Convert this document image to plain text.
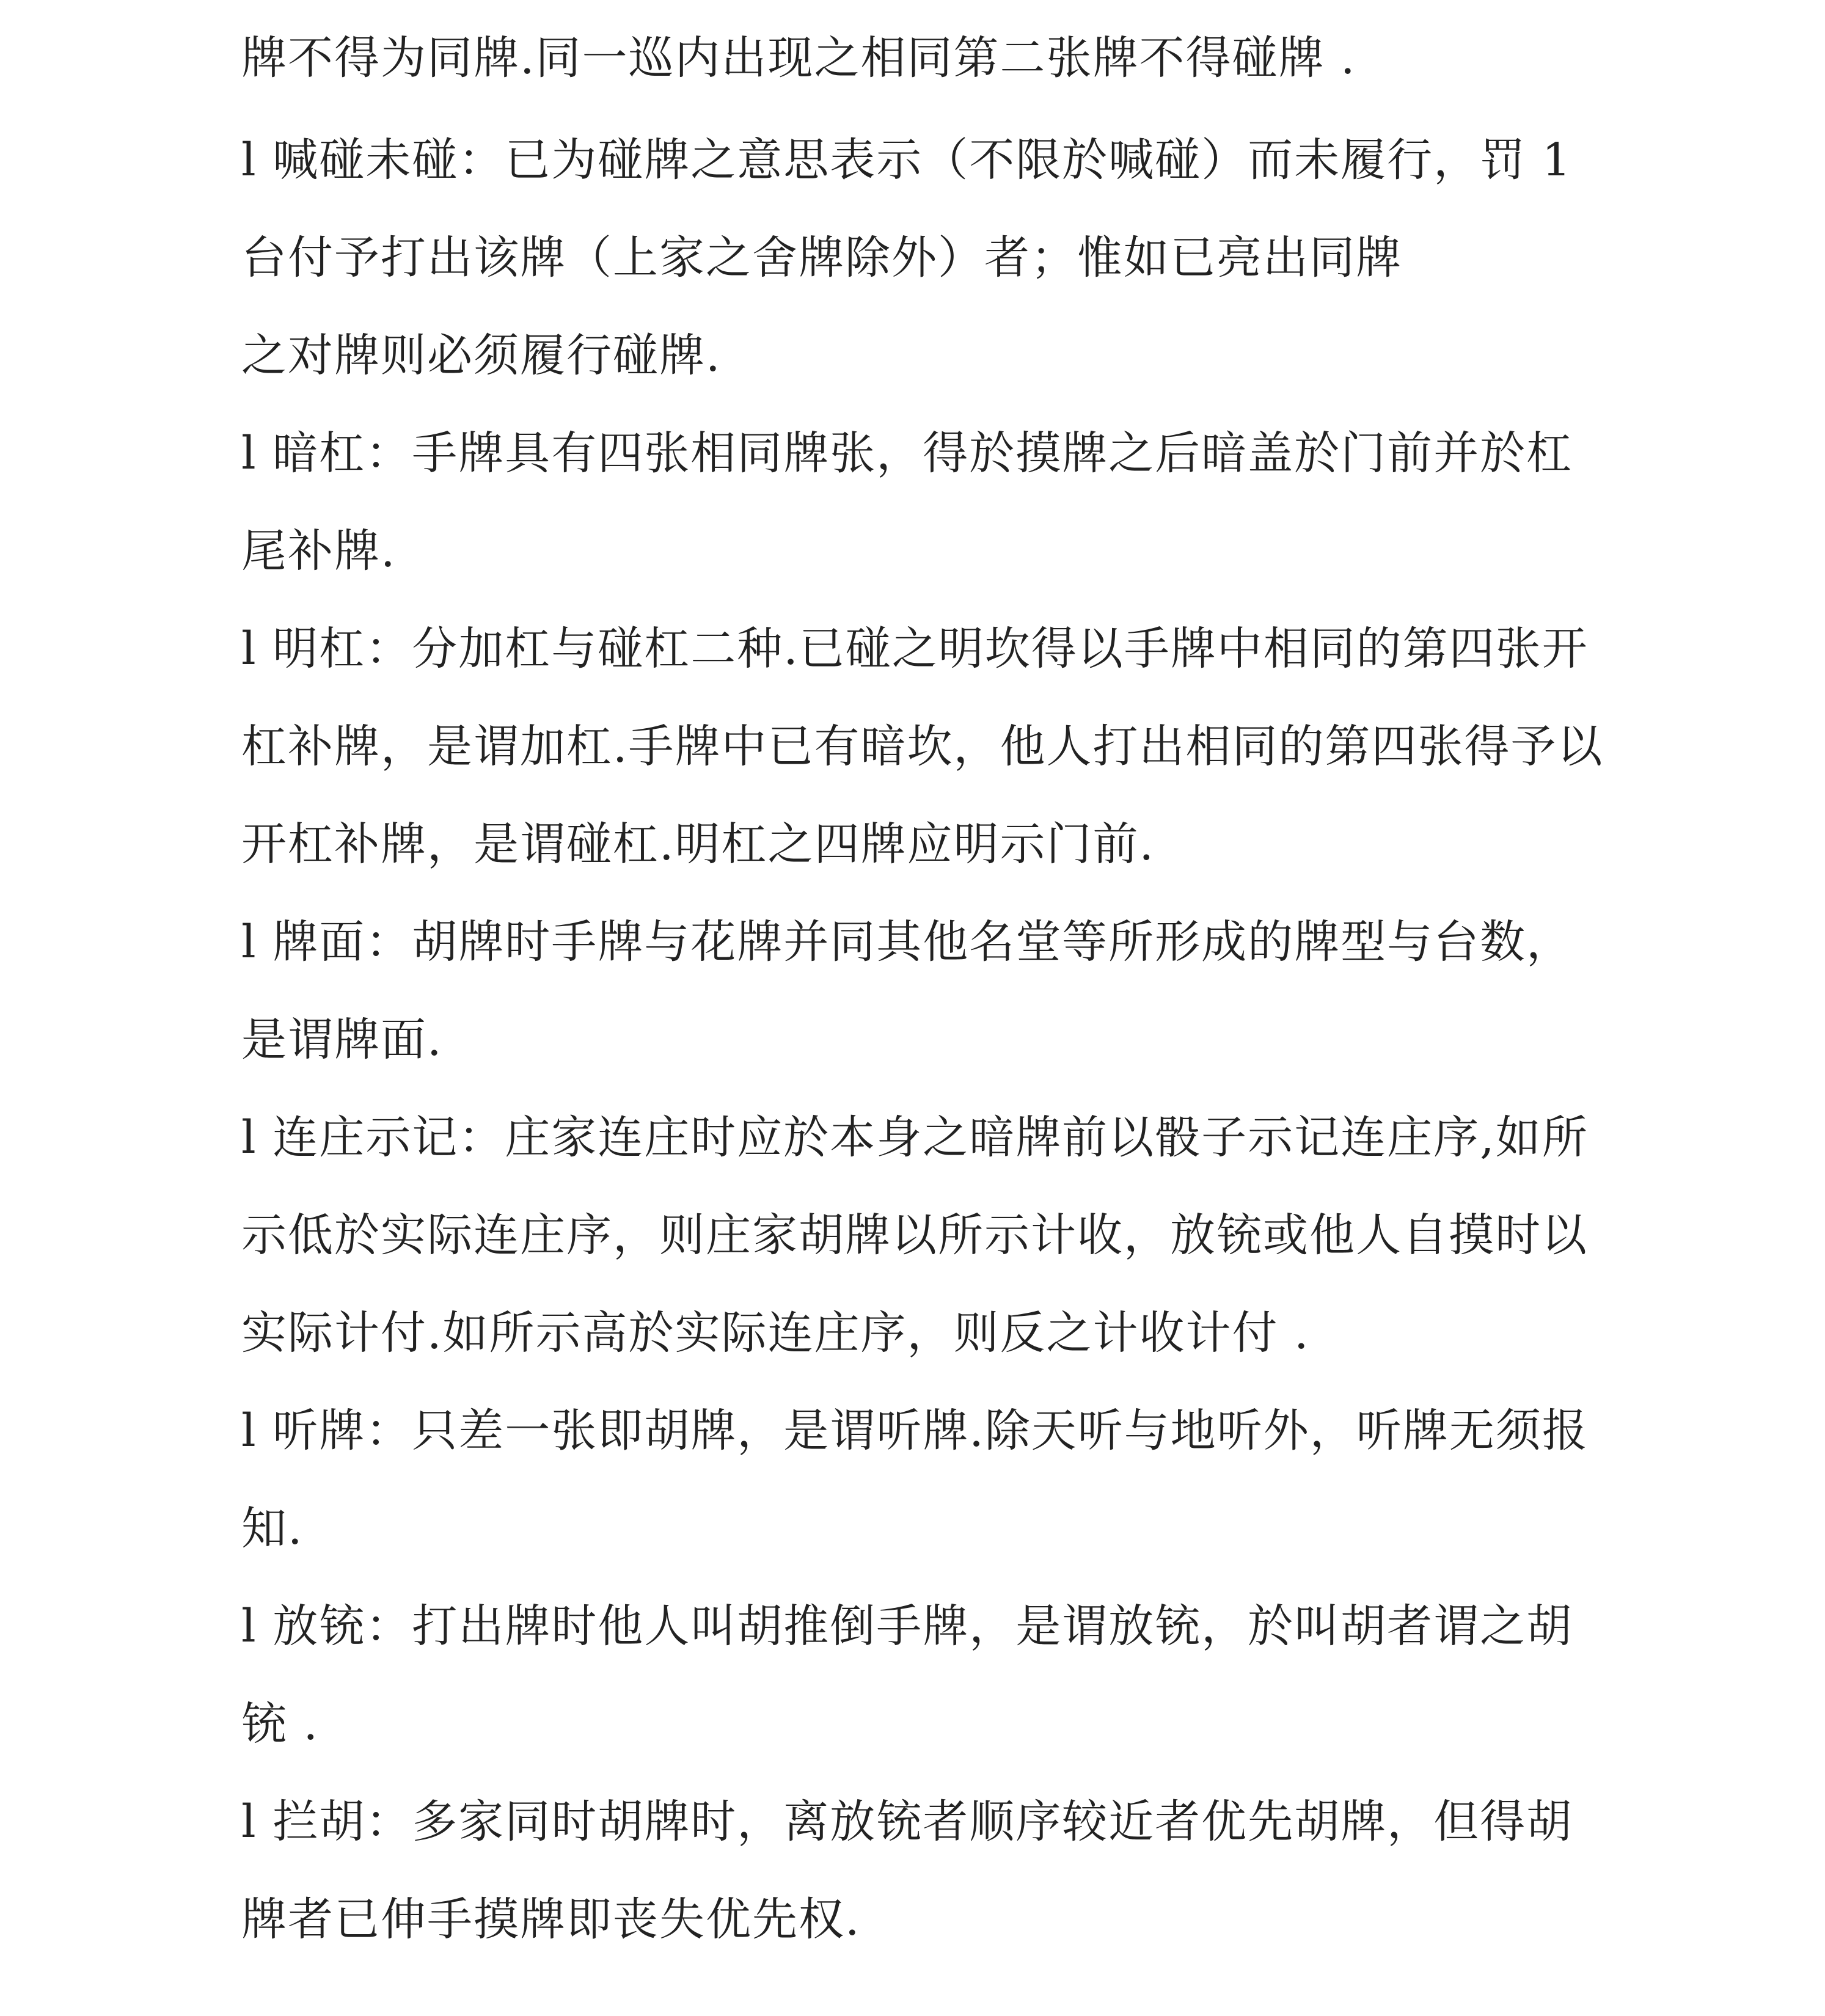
牌不得为同牌.同一巡内出现之相同第二张牌不得碰牌 .
l 喊碰未碰：已为碰牌之意思表示（不限於喊碰）而未履行，罚 1
台付予打出该牌（上家之舍牌除外）者；惟如已亮出同牌
之对牌则必须履行碰牌.
l 暗杠：手牌具有四张相同牌张，得於摸牌之后暗盖於门前并於杠
尾补牌.
l 明杠：分加杠与碰杠二种.已碰之明坎得以手牌中相同的第四张开
杠补牌，是谓加杠.手牌中已有暗坎，他人打出相同的第四张得予以
开杠补牌，是谓碰杠.明杠之四牌应明示门前.
l 牌面：胡牌时手牌与花牌并同其他名堂等所形成的牌型与台数，
是谓牌面.
l 连庄示记：庄家连庄时应於本身之暗牌前以骰子示记连庄序,如所
示低於实际连庄序，则庄家胡牌以所示计收，放铳或他人自摸时以
实际计付.如所示高於实际连庄序，则反之计收计付 .
l 听牌：只差一张即胡牌，是谓听牌.除天听与地听外，听牌无须报
知.
l 放铳：打出牌时他人叫胡推倒手牌，是谓放铳，於叫胡者谓之胡
铳 .
l 拦胡：多家同时胡牌时，离放铳者顺序较近者优先胡牌，但得胡
牌者已伸手摸牌即丧失优先权.
